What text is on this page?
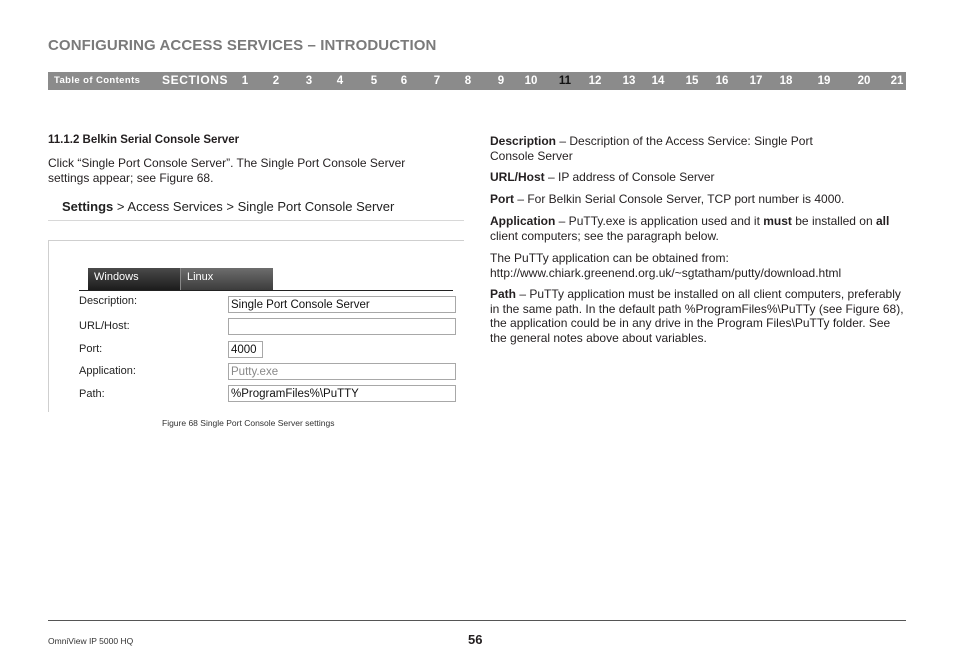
CONFIGURING ACCESS SERVICES – INTRODUCTION
Table of Contents SECTIONS 1 2 3 4 5 6 7 8 9 10 11 12 13 14 15 16 17 18 19 20 21
11.1.2 Belkin Serial Console Server
Click “Single Port Console Server”. The Single Port Console Server settings appear; see Figure 68.
Settings > Access Services > Single Port Console Server
Windows	Linux
Description:
Single Port Console Server
URL/Host:
Port:
4000
Application:
Putty.exe
Path:
%ProgramFiles%\PuTTY
Figure 68 Single Port Console Server settings
Description – Description of the Access Service: Single Port Console Server
URL/Host – IP address of Console Server
Port – For Belkin Serial Console Server, TCP port number is 4000.
Application – PuTTy.exe is application used and it must be installed on all client computers; see the paragraph below.
The PuTTy application can be obtained from:
http://www.chiark.greenend.org.uk/~sgtatham/putty/download.html
Path – PuTTy application must be installed on all client computers, preferably in the same path. In the default path %ProgramFiles%\PuTTy (see Figure 68), the application could be in any drive in the Program Files\PuTTy folder. See the general notes above about variables.
OmniView IP 5000 HQ	56
